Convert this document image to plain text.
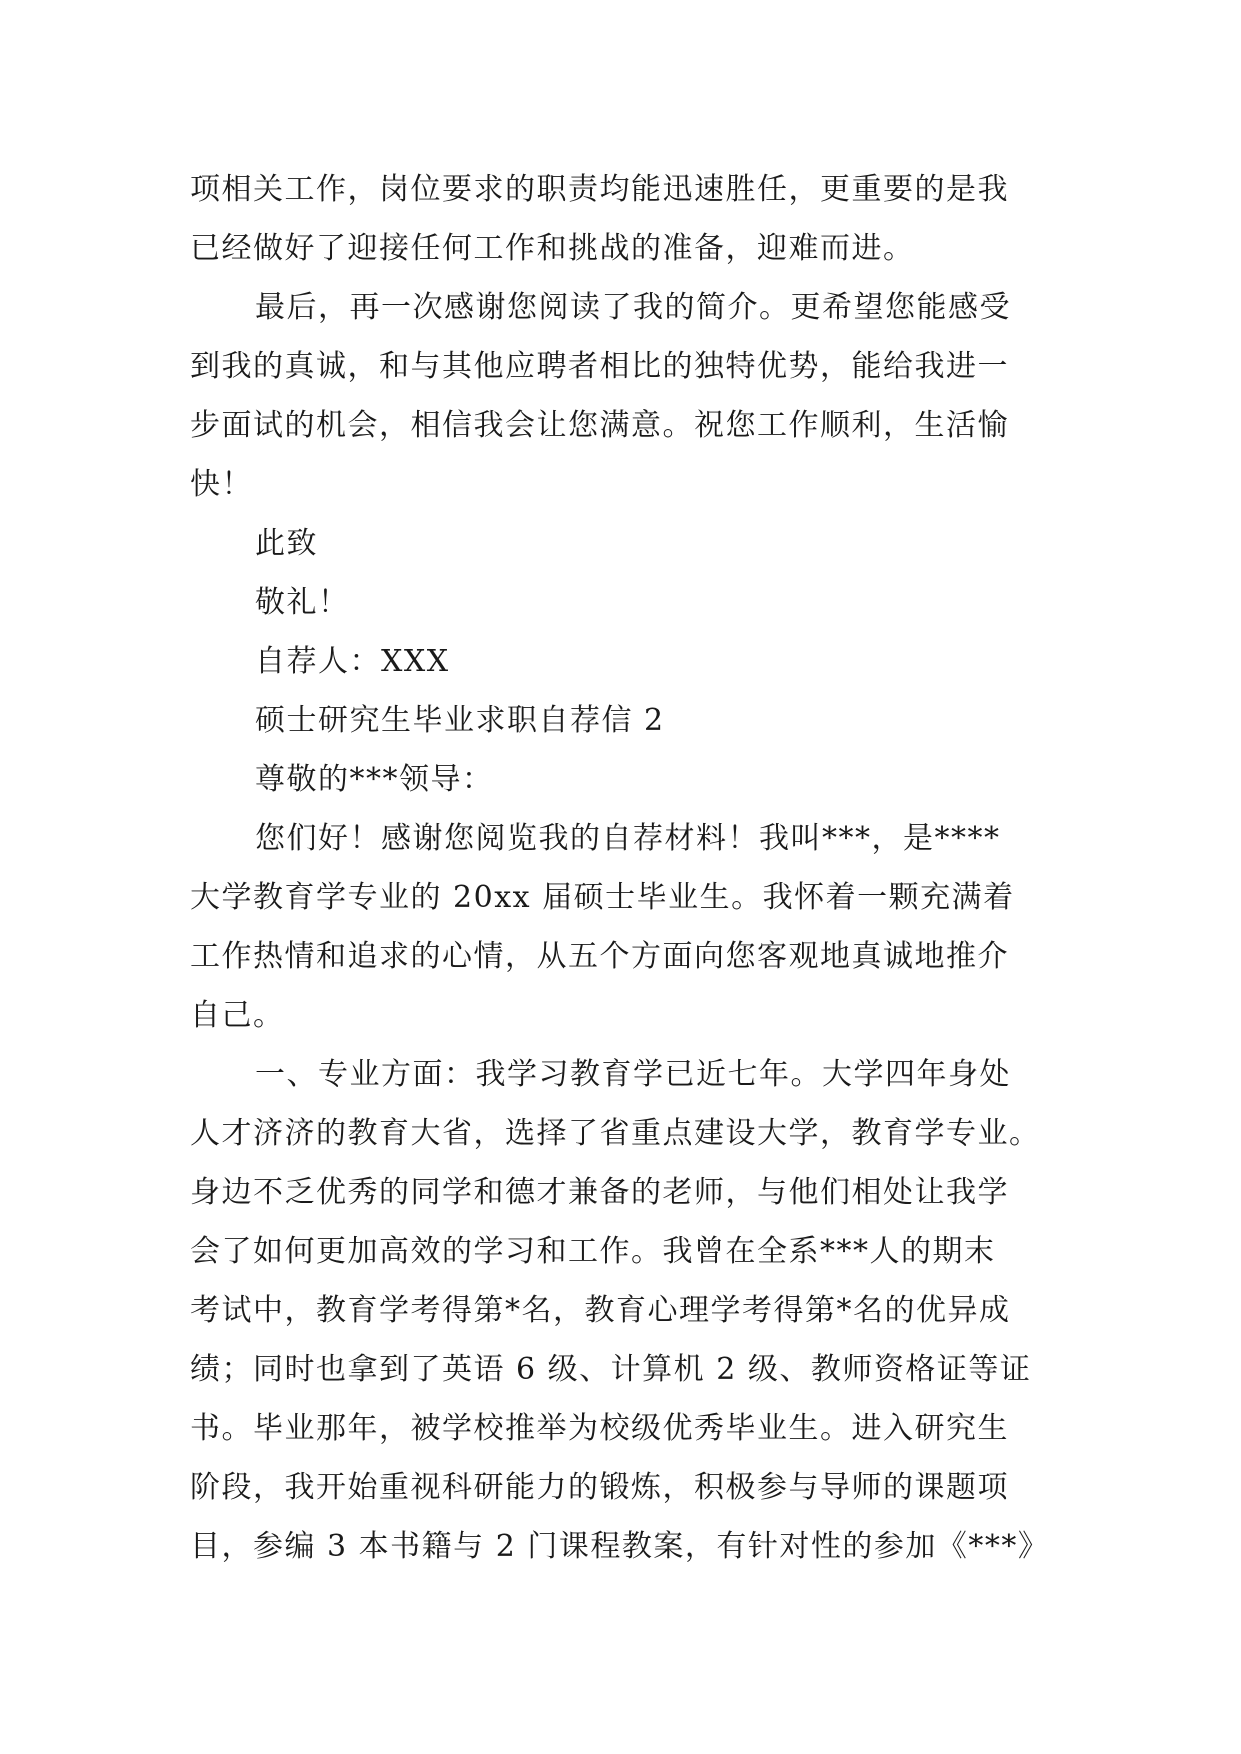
项相关工作，岗位要求的职责均能迅速胜任，更重要的是我
已经做好了迎接任何工作和挑战的准备，迎难而进。
最后，再一次感谢您阅读了我的简介。更希望您能感受
到我的真诚，和与其他应聘者相比的独特优势，能给我进一
步面试的机会，相信我会让您满意。祝您工作顺利，生活愉
快！
此致
敬礼！
自荐人：XXX
硕士研究生毕业求职自荐信 2
尊敬的***领导：
您们好！感谢您阅览我的自荐材料！我叫***，是****
大学教育学专业的 20xx 届硕士毕业生。我怀着一颗充满着
工作热情和追求的心情，从五个方面向您客观地真诚地推介
自己。
一、专业方面：我学习教育学已近七年。大学四年身处
人才济济的教育大省，选择了省重点建设大学，教育学专业。
身边不乏优秀的同学和德才兼备的老师，与他们相处让我学
会了如何更加高效的学习和工作。我曾在全系***人的期末
考试中，教育学考得第*名，教育心理学考得第*名的优异成
绩；同时也拿到了英语 6 级、计算机 2 级、教师资格证等证
书。毕业那年，被学校推举为校级优秀毕业生。进入研究生
阶段，我开始重视科研能力的锻炼，积极参与导师的课题项
目，参编 3 本书籍与 2 门课程教案，有针对性的参加《***》
